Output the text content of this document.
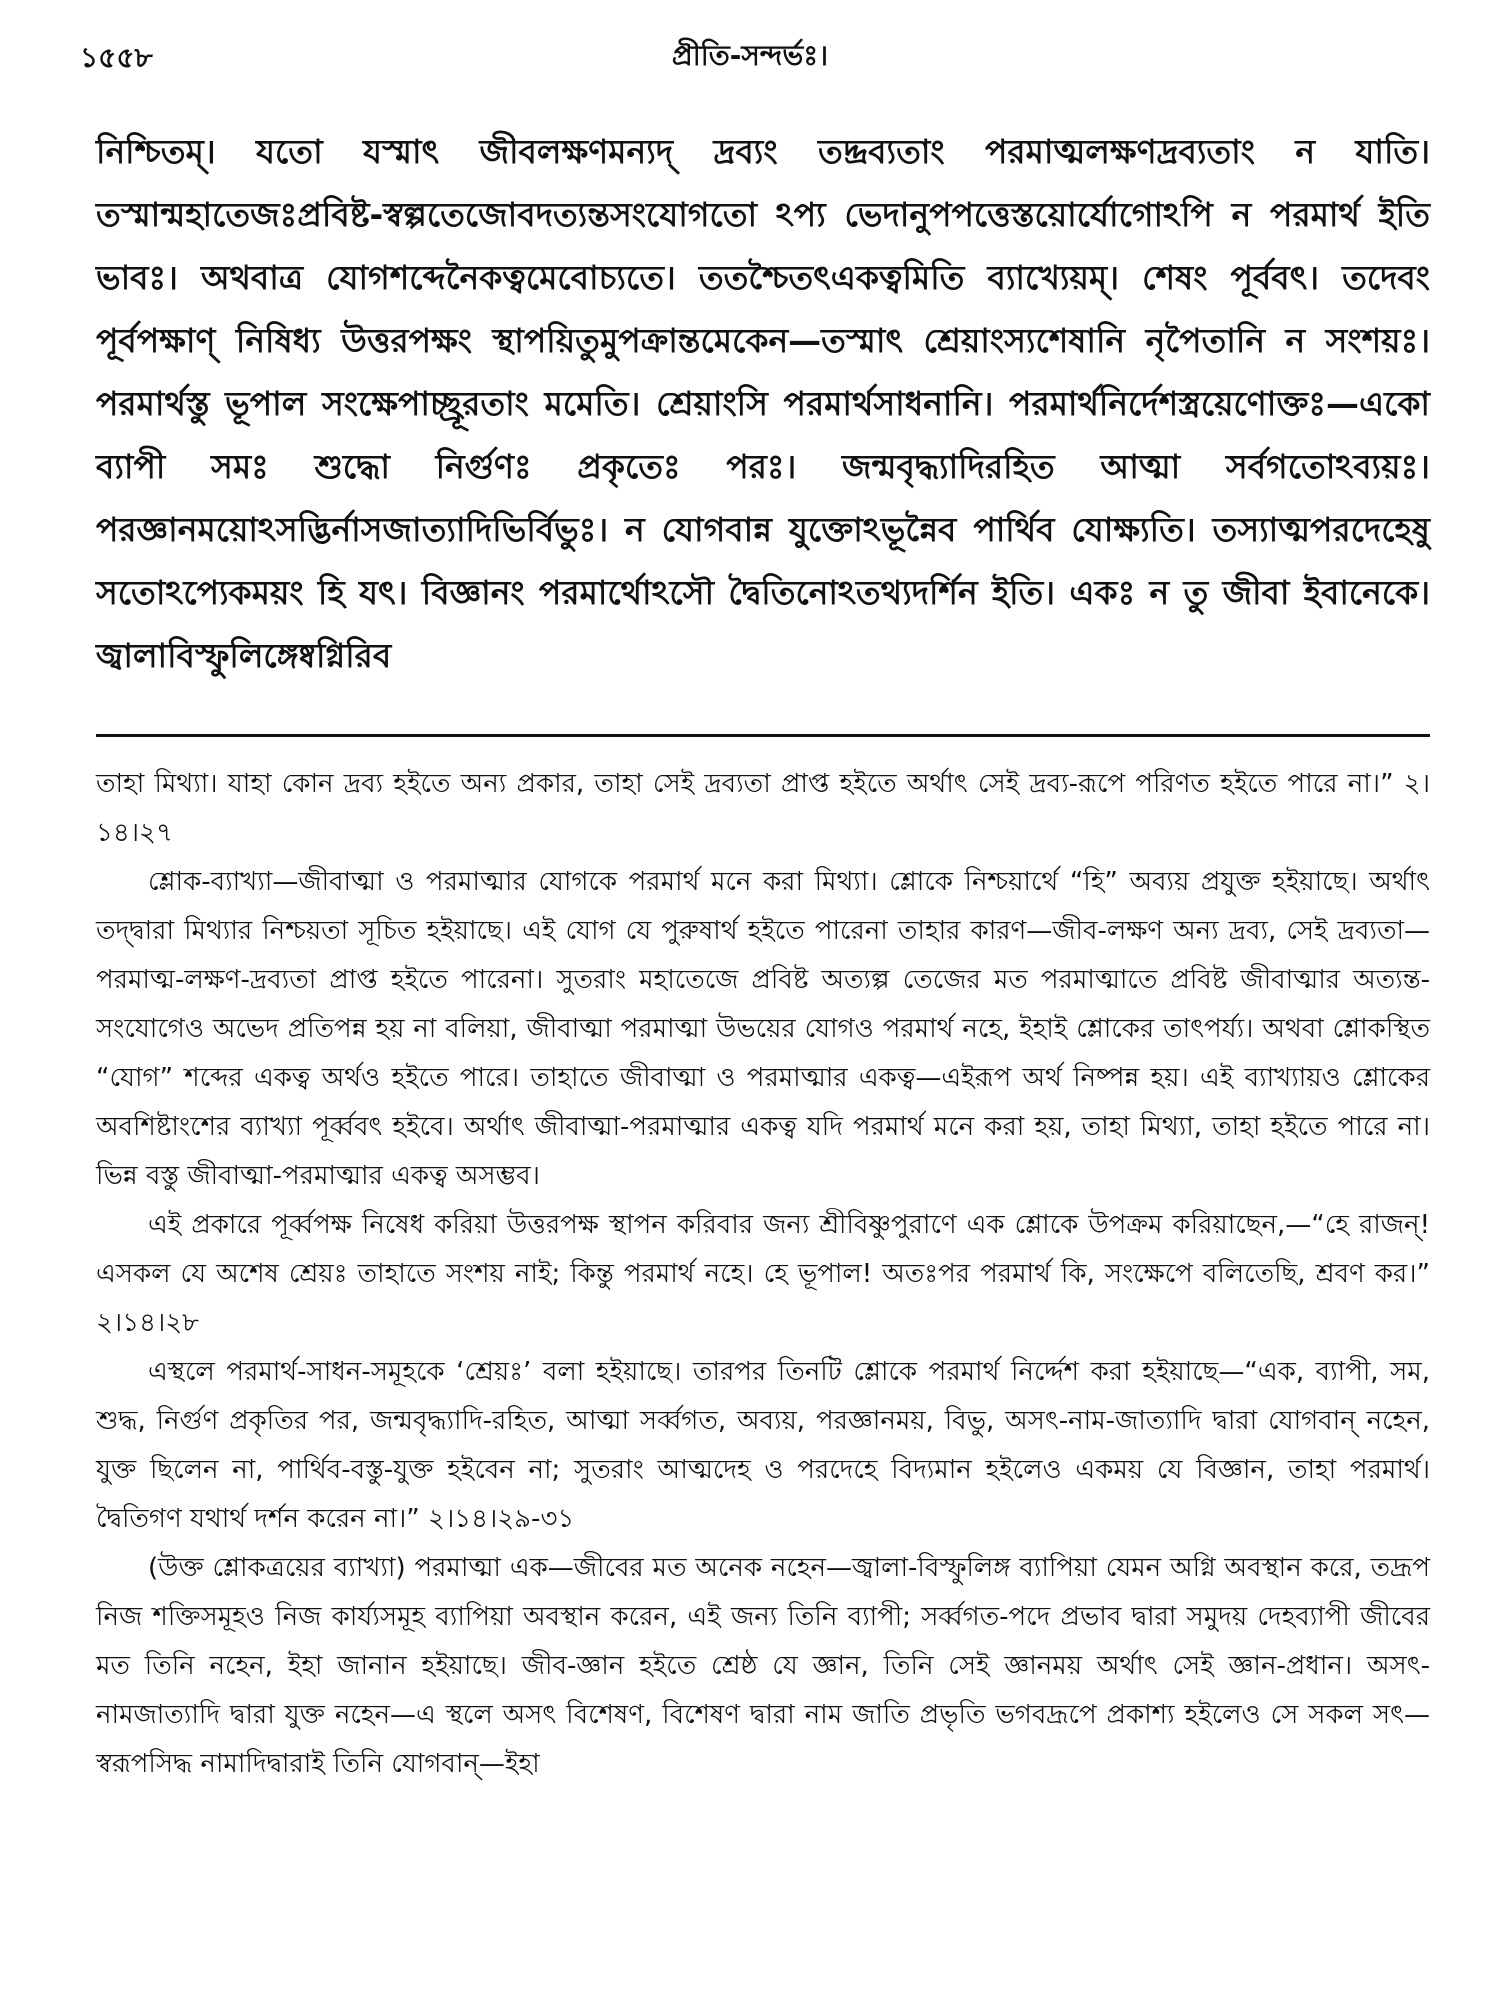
১৫৫৮	প্রীতি-সন্দর্ভঃ।
নিশ্চিতম্‌। যতো যস্মাৎ জীবলক্ষণমন্যদ্‌ দ্রব্যং তদ্দ্রব্যতাং পরমাত্মলক্ষণদ্রব্যতাং ন যাতি। তস্মান্মহাতেজঃপ্রবিষ্ট-স্বল্পতেজোবদত্যন্তসংযোগতো ঽপ্য ভেদানুপপত্তেস্তয়োর্যোগোঽপি ন পরমার্থ ইতি ভাবঃ। অথবাত্র যোগশব্দেনৈকত্বমেবোচ্যতে। ততশ্চৈতৎএকত্বমিতি ব্যাখ্যেয়ম্‌। শেষং পূর্ববৎ। তদেবং পূর্বপক্ষাণ্‌ নিষিধ্য উত্তরপক্ষং স্থাপয়িতুমুপক্রান্তমেকেন—তস্মাৎ শ্রেয়াংস্যশেষানি নৃপৈতানি ন সংশয়ঃ। পরমার্থস্তু ভূপাল সংক্ষেপাচ্ছ্রূরতাং মমেতি। শ্রেয়াংসি পরমার্থসাধনানি। পরমার্থনির্দেশস্ত্রয়েণোক্তঃ—একো ব্যাপী সমঃ শুদ্ধো নির্গুণঃ প্রকৃতেঃ পরঃ। জন্মবৃদ্ধ্যাদিরহিত আত্মা সর্বগতোঽব্যয়ঃ। পরজ্ঞানময়োঽসদ্ভির্নাসজাত্যাদিভির্বিভুঃ। ন যোগবান্ন যুক্তোঽভূন্নৈব পার্থিব যোক্ষ্যতি। তস্যাত্মপরদেহেষু সতোঽপ্যেকময়ং হি যৎ। বিজ্ঞানং পরমার্থোঽসৌ দ্বৈতিনোঽতথ্যদর্শিন ইতি। একঃ ন তু জীবা ইবানেকে। জ্বালাবিস্ফুলিঙ্গেষ্বগ্নিরিব

তাহা মিথ্যা। যাহা কোন দ্রব্য হইতে অন্য প্রকার, তাহা সেই দ্রব্যতা প্রাপ্ত হইতে অর্থাৎ সেই দ্রব্য-রূপে পরিণত হইতে পারে না।” ২।১৪।২৭

শ্লোক-ব্যাখ্যা—জীবাত্মা ও পরমাত্মার যোগকে পরমার্থ মনে করা মিথ্যা। শ্লোকে নিশ্চয়ার্থে “হি” অব্যয় প্রযুক্ত হইয়াছে। অর্থাৎ তদ্দ্বারা মিথ্যার নিশ্চয়তা সূচিত হইয়াছে। এই যোগ যে পুরুষার্থ হইতে পারেনা তাহার কারণ—জীব-লক্ষণ অন্য দ্রব্য, সেই দ্রব্যতা—পরমাত্ম-লক্ষণ-দ্রব্যতা প্রাপ্ত হইতে পারেনা। সুতরাং মহাতেজে প্রবিষ্ট অত্যল্প তেজের মত পরমাত্মাতে প্রবিষ্ট জীবাত্মার অত্যন্ত-সংযোগেও অভেদ প্রতিপন্ন হয় না বলিয়া, জীবাত্মা পরমাত্মা উভয়ের যোগও পরমার্থ নহে, ইহাই শ্লোকের তাৎপর্য্য। অথবা শ্লোকস্থিত “যোগ” শব্দের একত্ব অর্থও হইতে পারে। তাহাতে জীবাত্মা ও পরমাত্মার একত্ব—এইরূপ অর্থ নিষ্পন্ন হয়। এই ব্যাখ্যায়ও শ্লোকের অবশিষ্টাংশের ব্যাখ্যা পূর্ব্ববৎ হইবে। অর্থাৎ জীবাত্মা-পরমাত্মার একত্ব যদি পরমার্থ মনে করা হয়, তাহা মিথ্যা, তাহা হইতে পারে না। ভিন্ন বস্তু জীবাত্মা-পরমাত্মার একত্ব অসম্ভব।

এই প্রকারে পূর্ব্বপক্ষ নিষেধ করিয়া উত্তরপক্ষ স্থাপন করিবার জন্য শ্রীবিষ্ণুপুরাণে এক শ্লোকে উপক্রম করিয়াছেন,—“হে রাজন্‌! এসকল যে অশেষ শ্রেয়ঃ তাহাতে সংশয় নাই; কিন্তু পরমার্থ নহে। হে ভূপাল! অতঃপর পরমার্থ কি, সংক্ষেপে বলিতেছি, শ্রবণ কর।” ২।১৪।২৮

এস্থলে পরমার্থ-সাধন-সমূহকে ‘শ্রেয়ঃ’ বলা হইয়াছে। তারপর তিনটি শ্লোকে পরমার্থ নির্দ্দেশ করা হইয়াছে—“এক, ব্যাপী, সম, শুদ্ধ, নির্গুণ প্রকৃতির পর, জন্মবৃদ্ধ্যাদি-রহিত, আত্মা সর্ব্বগত, অব্যয়, পরজ্ঞানময়, বিভু, অসৎ-নাম-জাত্যাদি দ্বারা যোগবান্‌ নহেন, যুক্ত ছিলেন না, পার্থিব-বস্তু-যুক্ত হইবেন না; সুতরাং আত্মদেহ ও পরদেহে বিদ্যমান হইলেও একময় যে বিজ্ঞান, তাহা পরমার্থ। দ্বৈতিগণ যথার্থ দর্শন করেন না।” ২।১৪।২৯-৩১

(উক্ত শ্লোকত্রয়ের ব্যাখ্যা) পরমাত্মা এক—জীবের মত অনেক নহেন—জ্বালা-বিস্ফুলিঙ্গ ব্যাপিয়া যেমন অগ্নি অবস্থান করে, তদ্রূপ নিজ শক্তিসমূহও নিজ কার্য্যসমূহ ব্যাপিয়া অবস্থান করেন, এই জন্য তিনি ব্যাপী; সর্ব্বগত-পদে প্রভাব দ্বারা সমুদয় দেহব্যাপী জীবের মত তিনি নহেন, ইহা জানান হইয়াছে। জীব-জ্ঞান হইতে শ্রেষ্ঠ যে জ্ঞান, তিনি সেই জ্ঞানময় অর্থাৎ সেই জ্ঞান-প্রধান। অসৎ-নামজাত্যাদি দ্বারা যুক্ত নহেন—এ স্থলে অসৎ বিশেষণ, বিশেষণ দ্বারা নাম জাতি প্রভৃতি ভগবদ্রূপে প্রকাশ্য হইলেও সে সকল সৎ—স্বরূপসিদ্ধ নামাদিদ্বারাই তিনি যোগবান্‌—ইহা
